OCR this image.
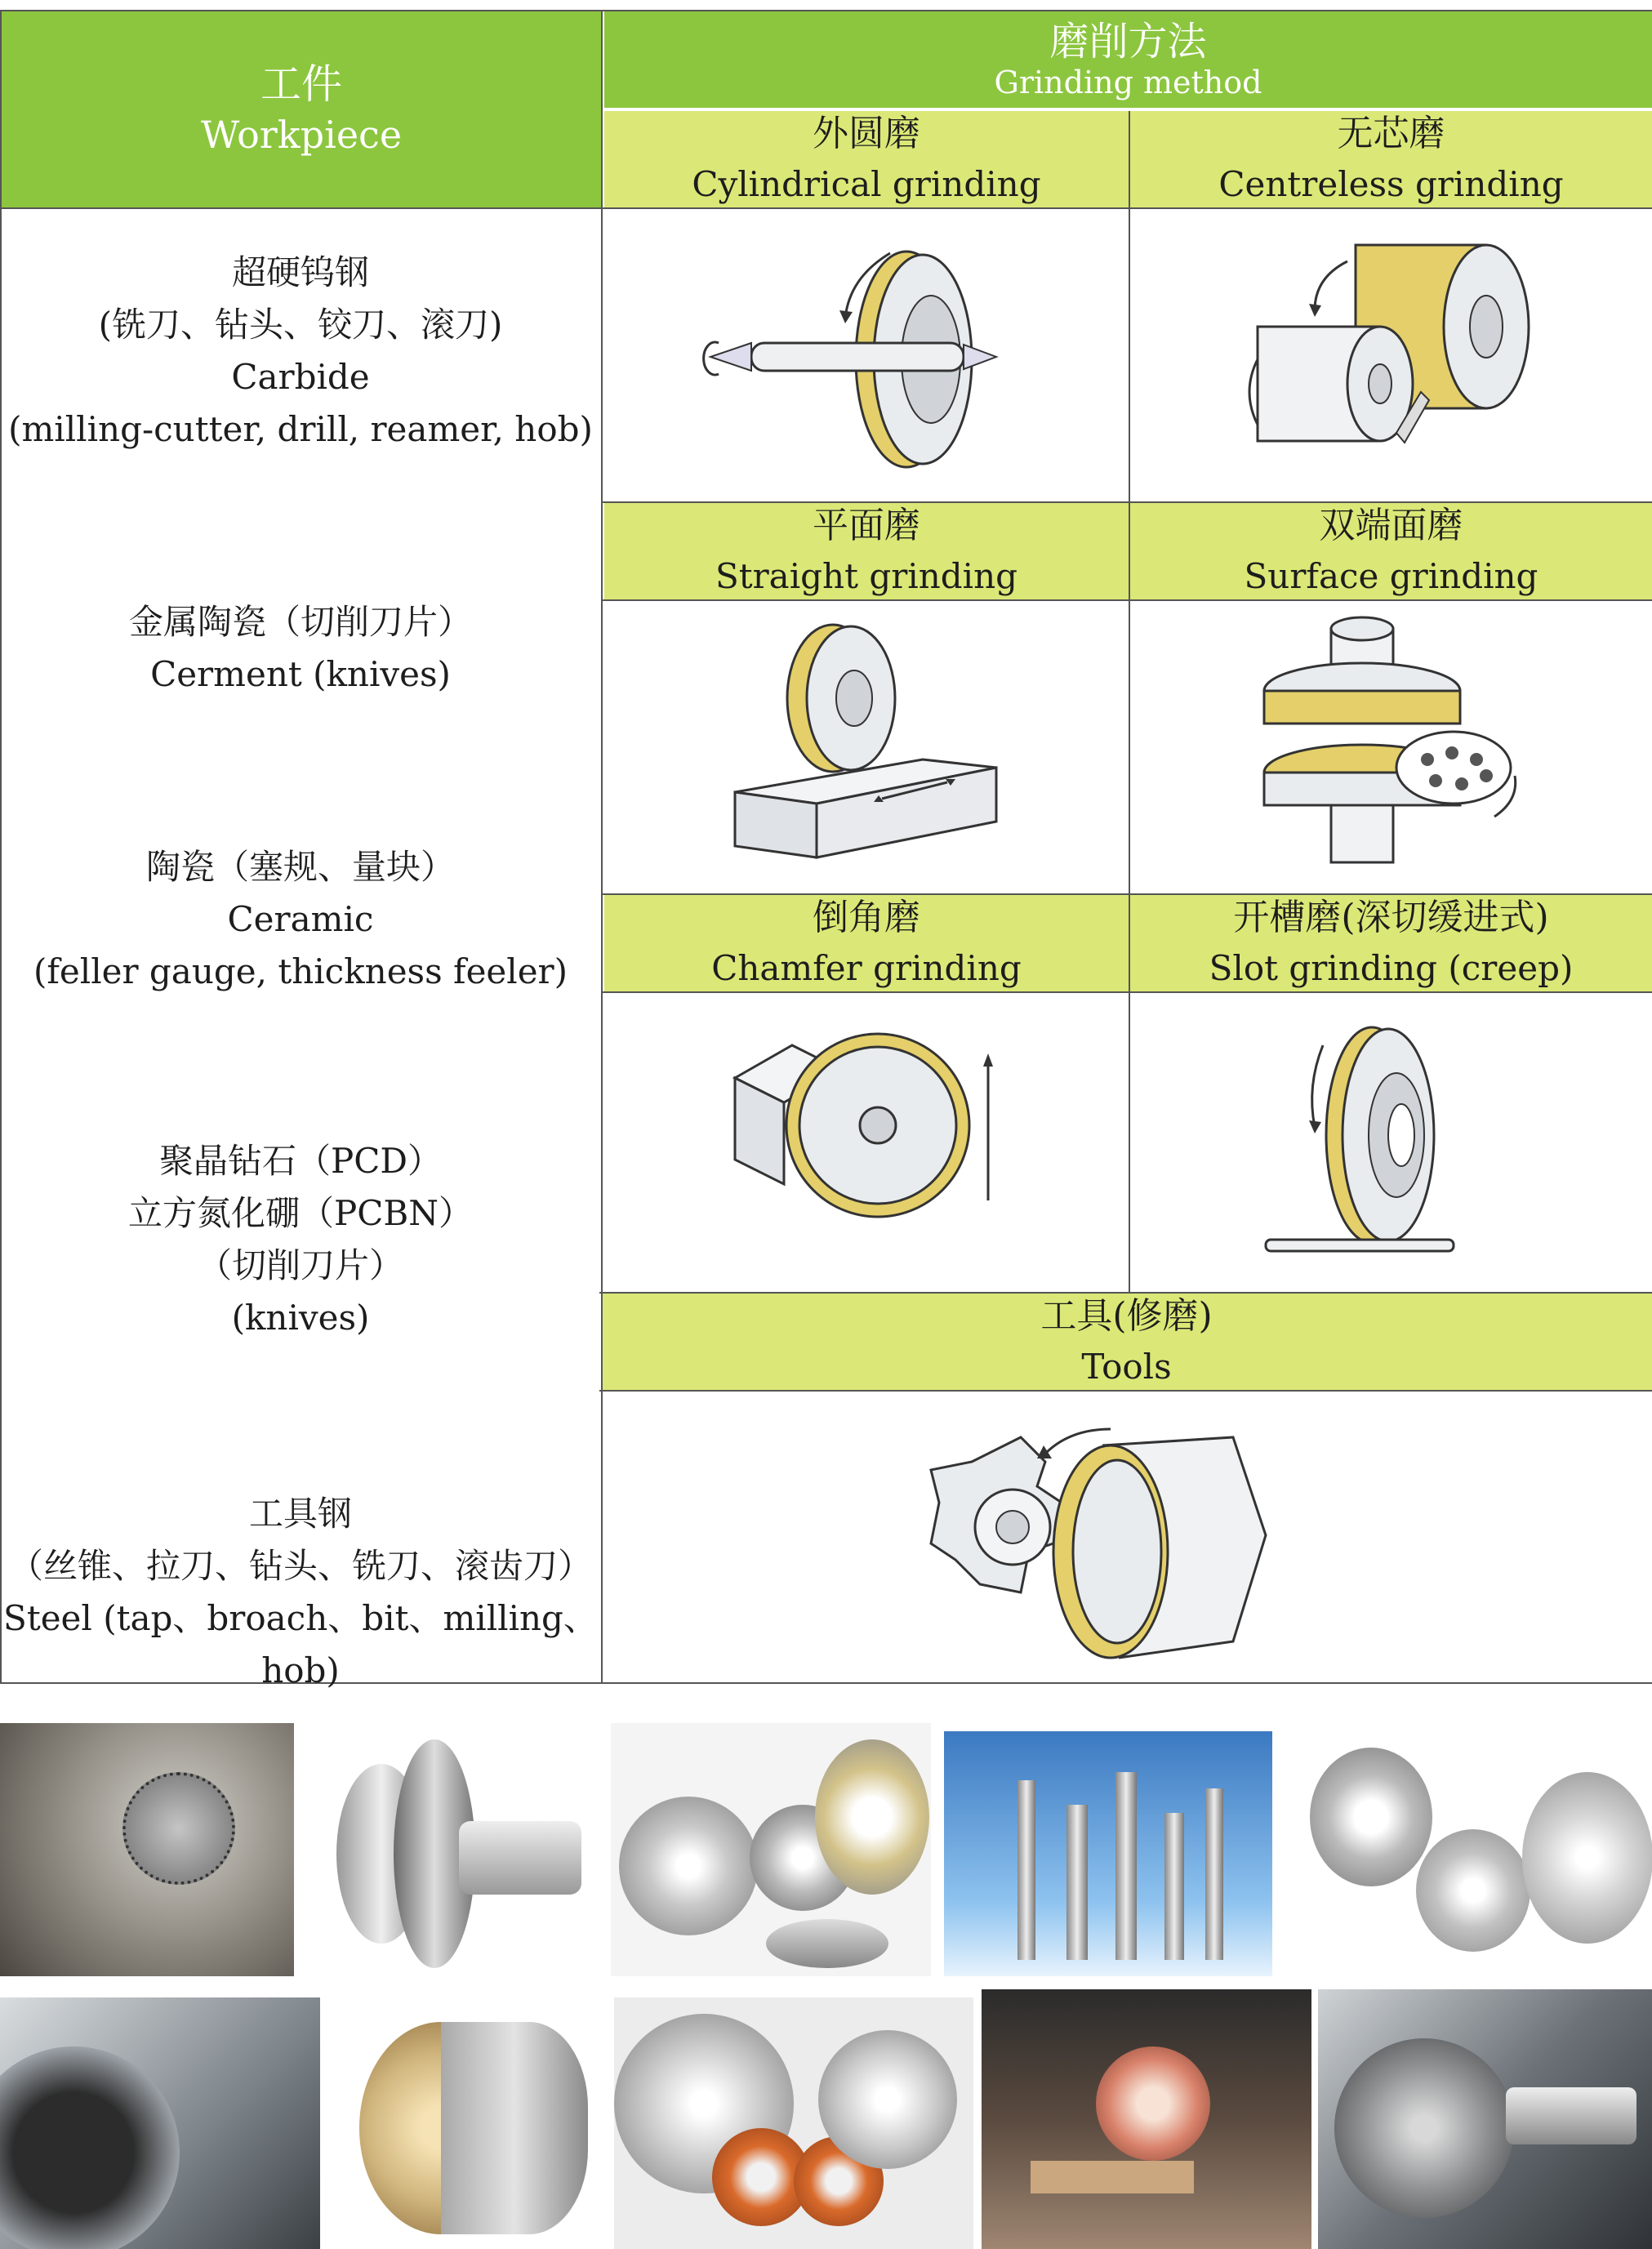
工件
Workpiece
磨削方法
Grinding method
外圆磨
Cylindrical grinding
无芯磨
Centreless grinding
平面磨
Straight grinding
双端面磨
Surface grinding
倒角磨
Chamfer grinding
开槽磨(深切缓进式)
Slot grinding (creep)
工具(修磨)
Tools
超硬钨钢
(铣刀、钻头、铰刀、滚刀)
Carbide
(milling-cutter, drill, reamer, hob)
金属陶瓷（切削刀片）
Cerment (knives)
陶瓷（塞规、量块）
Ceramic
(feller gauge, thickness feeler)
聚晶钻石（PCD）
立方氮化硼（PCBN）
（切削刀片）
(knives)
工具钢
（丝锥、拉刀、钻头、铣刀、滚齿刀）
Steel (tap、broach、bit、milling、hob)
